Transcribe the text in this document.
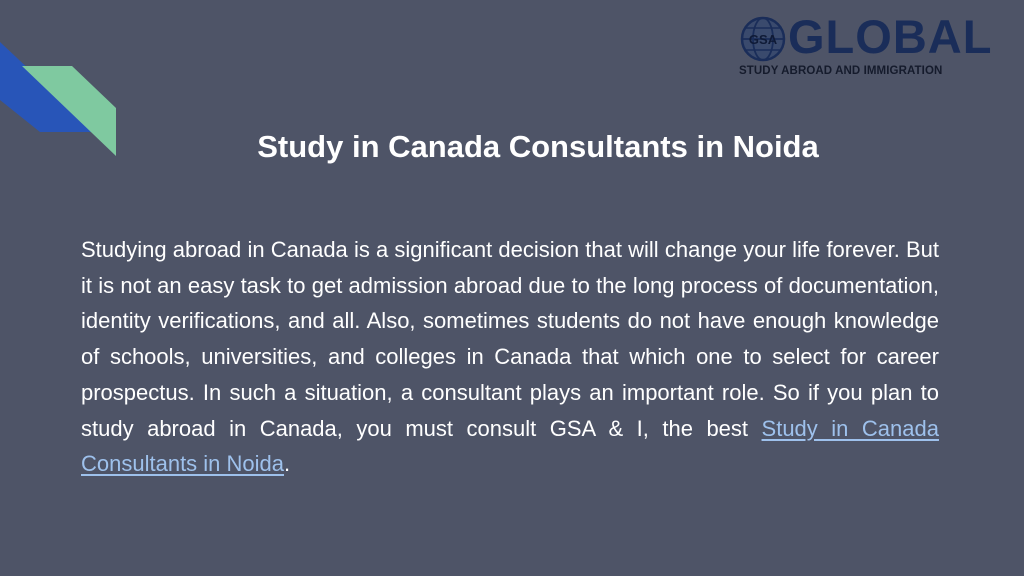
GSA GLOBAL
STUDY ABROAD AND IMMIGRATION
Study in Canada Consultants in Noida

Studying abroad in Canada is a significant decision that will change your life forever. But it is not an easy task to get admission abroad due to the long process of documentation, identity verifications, and all. Also, sometimes students do not have enough knowledge of schools, universities, and colleges in Canada that which one to select for career prospectus. In such a situation, a consultant plays an important role. So if you plan to study abroad in Canada, you must consult GSA & I, the best Study in Canada Consultants in Noida.
